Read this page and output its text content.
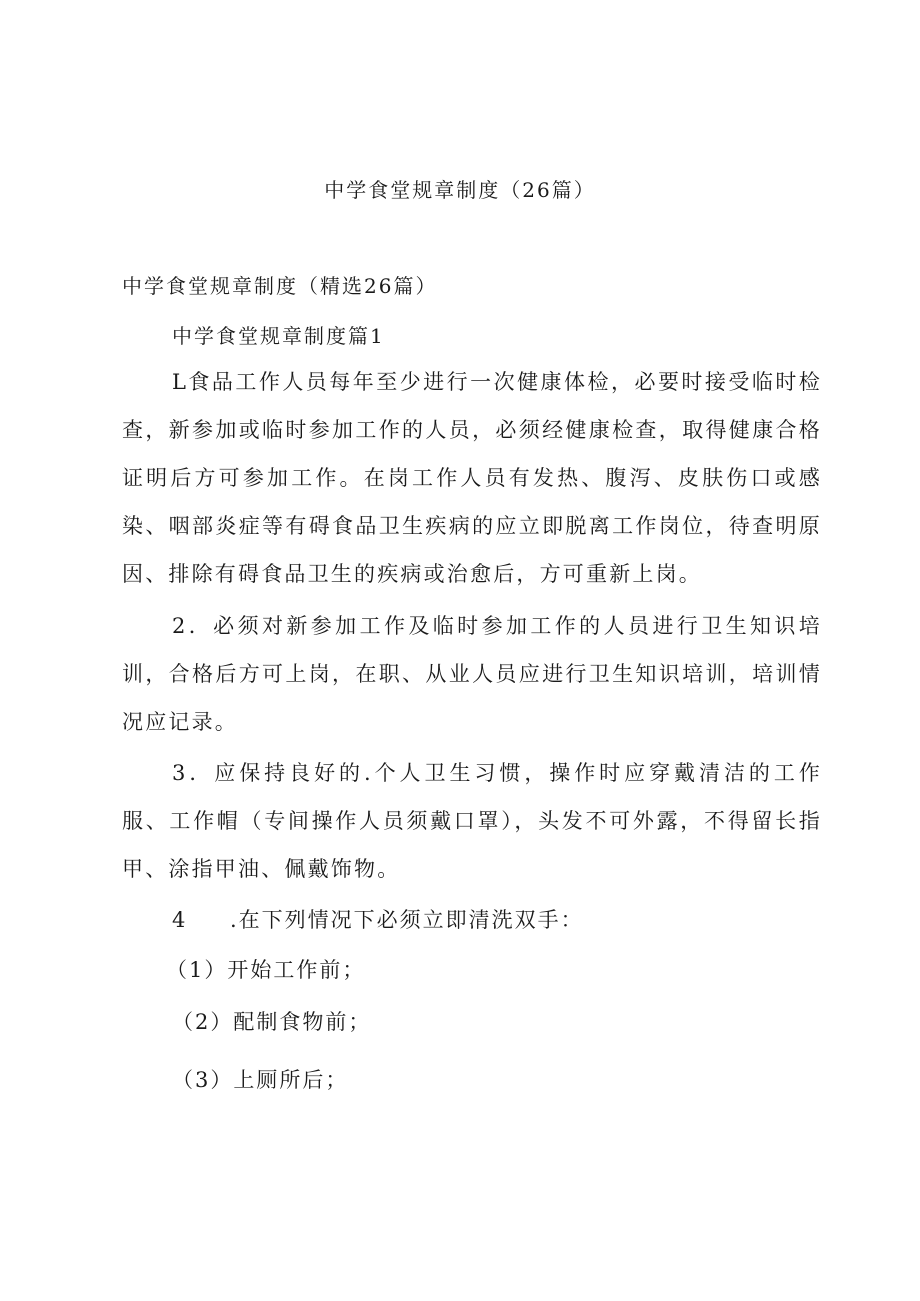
中学食堂规章制度（26篇）
中学食堂规章制度（精选26篇）
中学食堂规章制度篇1
L食品工作人员每年至少进行一次健康体检，必要时接受临时检查，新参加或临时参加工作的人员，必须经健康检查，取得健康合格证明后方可参加工作。在岗工作人员有发热、腹泻、皮肤伤口或感染、咽部炎症等有碍食品卫生疾病的应立即脱离工作岗位，待查明原因、排除有碍食品卫生的疾病或治愈后，方可重新上岗。
2．必须对新参加工作及临时参加工作的人员进行卫生知识培训，合格后方可上岗，在职、从业人员应进行卫生知识培训，培训情况应记录。
3．应保持良好的.个人卫生习惯，操作时应穿戴清洁的工作服、工作帽（专间操作人员须戴口罩），头发不可外露，不得留长指甲、涂指甲油、佩戴饰物。
4 .在下列情况下必须立即清洗双手：
（1）开始工作前；
（2）配制食物前；
（3）上厕所后；
